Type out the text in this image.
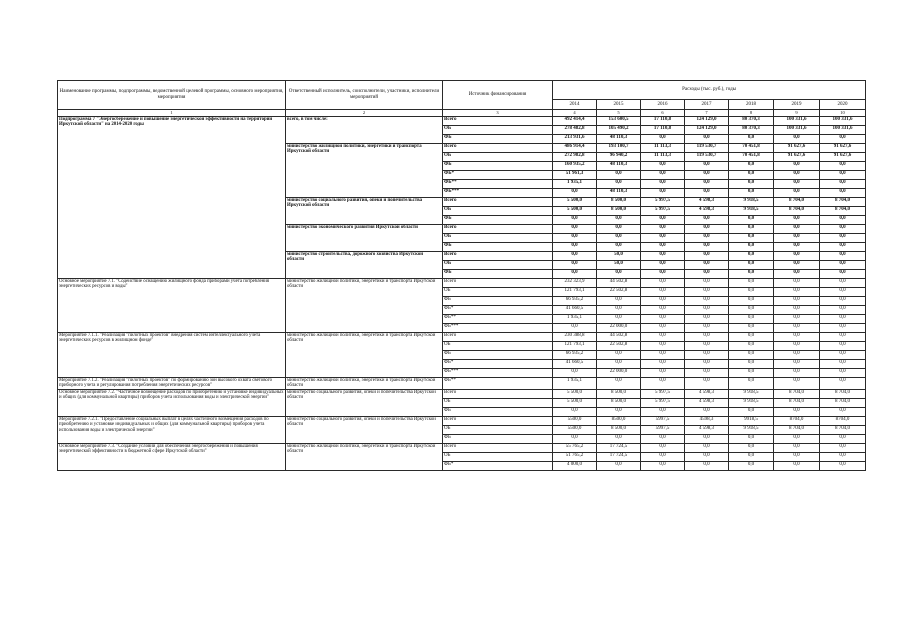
Наименование программы, подпрограммы, ведомственной целевой программы, основного мероприятия, мероприятия	Ответственный исполнитель, соисполнители, участники, исполнители мероприятий	Источник финансирования	Расходы (тыс. руб.), годы						
			2014	2015	2016	2017	2018	2019	2020
1	2	3	4	5	6	7	8	9	10
Подпрограмма 7 "Энергосбережение и повышение энергетической эффективности на территории Иркутской области" на 2014-2020 годы	всего, в том числе:	Всего	492 414,4	153 600,5	17 110,8	124 129,0	80 370,3	100 331,6	100 331,6
		ОБ	278 482,8	105 490,2	17 110,8	124 129,0	80 370,3	100 331,6	100 331,6
		ФБ	213 931,6	48 110,3	0,0	0,0	0,0	0,0	0,0
	министерство жилищной политики, энергетики и транспорта Иркутской области	Всего	486 914,4	193 100,7	11 113,3	119 530,7	70 451,8	91 627,6	91 627,6
		ОБ	272 982,8	96 940,2	11 113,3	119 530,7	70 451,8	91 627,6	91 627,6
		ФБ	160 935,2	48 110,3	0,0	0,0	0,0	0,0	0,0
		ФБ*	51 961,3	0,0	0,0	0,0	0,0	0,0	0,0
		ФБ**	1 935,1	0,0	0,0	0,0	0,0	0,0	0,0
		ФБ***	0,0	48 110,3	0,0	0,0	0,0	0,0	0,0
	министерство социального развития, опеки и попечительства Иркутской области	Всего	5 500,0	8 500,0	5 997,5	4 598,3	9 918,5	8 704,0	8 704,0
		ОБ	5 500,0	8 500,0	5 997,5	4 598,3	9 918,5	8 704,0	8 704,0
		ФБ	0,0	0,0	0,0	0,0	0,0	0,0	0,0
	министерство экономического развития Иркутской области	Всего	0,0	0,0	0,0	0,0	0,0	0,0	0,0
		ОБ	0,0	0,0	0,0	0,0	0,0	0,0	0,0
		ФБ	0,0	0,0	0,0	0,0	0,0	0,0	0,0
	министерство строительства, дорожного хозяйства Иркутской области	Всего	0,0	50,0	0,0	0,0	0,0	0,0	0,0
		ОБ	0,0	50,0	0,0	0,0	0,0	0,0	0,0
		ФБ	0,0	0,0	0,0	0,0	0,0	0,0	0,0
Основное мероприятие 7.1. "Содействие оснащению жилищного фонда приборами учета потребления энергетических ресурсов и воды"	министерство жилищной политики, энергетики и транспорта Иркутской области	Всего	232 323,9	44 502,8	0,0	0,0	0,0	0,0	0,0
		ОБ	121 793,1	22 502,8	0,0	0,0	0,0	0,0	0,0
		ФБ	66 935,2	0,0	0,0	0,0	0,0	0,0	0,0
		ФБ*	41 660,5	0,0	0,0	0,0	0,0	0,0	0,0
		ФБ**	1 935,1	0,0	0,0	0,0	0,0	0,0	0,0
		ФБ***	0,0	22 000,0	0,0	0,0	0,0	0,0	0,0
Мероприятие 7.1.1. "Реализация "пилотных проектов" внедрения систем интеллектуального учета энергетических ресурсов в жилищном фонде"	министерство жилищной политики, энергетики и транспорта Иркутской области	Всего	230 388,8	44 502,8	0,0	0,0	0,0	0,0	0,0
		ОБ	121 793,1	22 502,8	0,0	0,0	0,0	0,0	0,0
		ФБ	66 935,2	0,0	0,0	0,0	0,0	0,0	0,0
		ФБ*	41 660,5	0,0	0,0	0,0	0,0	0,0	0,0
		ФБ***	0,0	22 000,0	0,0	0,0	0,0	0,0	0,0
Мероприятие 7.1.2. "Реализация "пилотных проектов" по формированию зон высокого охвата светового приборного учета и регулирования потребления энергетических ресурсов"	министерство жилищной политики, энергетики и транспорта Иркутской области	ФБ**	1 935,1	0,0	0,0	0,0	0,0	0,0	0,0
Основное мероприятие 7.2. "Частичное возмещение расходов по приобретению и установке индивидуальных и общих (для коммунальной квартиры) приборов учета использования воды и электрической энергии"	министерство социального развития, опеки и попечительства Иркутской области	Всего	5 500,0	8 500,0	5 997,5	4 598,3	9 918,5	8 704,0	8 704,0
		ОБ	5 500,0	8 500,0	5 997,5	4 598,3	9 918,5	8 704,0	8 704,0
		ФБ	0,0	0,0	0,0	0,0	0,0	0,0	0,0
Мероприятие 7.2.1. "Предоставление социальных выплат в целях частичного возмещения расходов по приобретению и установке индивидуальных и общих (для коммунальной квартиры) приборов учета использования воды и электрической энергии"	министерство социального развития, опеки и попечительства Иркутской области	Всего	5500,0	8500,0	5997,5	4598,3	9918,5	8704,0	8704,0
		ОБ	5500,0	8 500,0	5997,5	4 598,3	9 918,5	8 704,0	8 704,0
		ФБ	0,0	0,0	0,0	0,0	0,0	0,0	0,0
Основное мероприятие 7.3. "Создание условий для обеспечения энергосбережения и повышения энергетической эффективности в бюджетной сфере Иркутской области"	министерство жилищной политики, энергетики и транспорта Иркутской области	Всего	55 765,2	17 724,5	0,0	0,0	0,0	0,0	0,0
		ОБ	51 765,2	17 724,5	0,0	0,0	0,0	0,0	0,0
		ФБ*	4 000,0	0,0	0,0	0,0	0,0	0,0	0,0
